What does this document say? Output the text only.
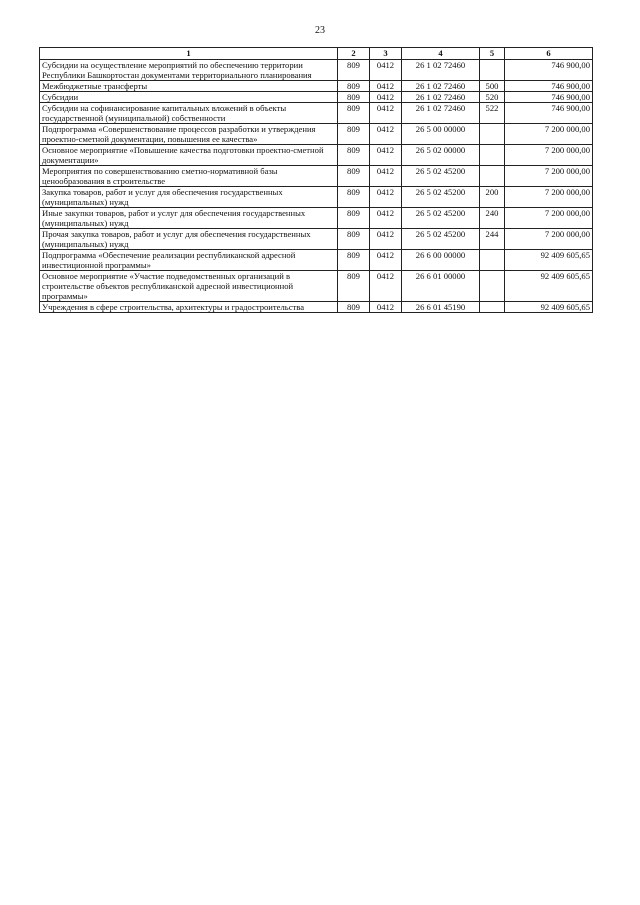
23
1	2	3	4	5	6
Субсидии на осуществление мероприятий по обеспечению территории Республики Башкортостан документами территориального планирования	809	0412	26 1 02 72460		746 900,00
Межбюджетные трансферты	809	0412	26 1 02 72460	500	746 900,00
Субсидии	809	0412	26 1 02 72460	520	746 900,00
Субсидии на софинансирование капитальных вложений в объекты государственной (муниципальной) собственности	809	0412	26 1 02 72460	522	746 900,00
Подпрограмма «Совершенствование процессов разработки и утверждения проектно-сметной документации, повышения ее качества»	809	0412	26 5 00 00000		7 200 000,00
Основное мероприятие «Повышение качества подготовки проектно-сметной документации»	809	0412	26 5 02 00000		7 200 000,00
Мероприятия по совершенствованию сметно-нормативной базы ценообразования в строительстве	809	0412	26 5 02 45200		7 200 000,00
Закупка товаров, работ и услуг для обеспечения государственных (муниципальных) нужд	809	0412	26 5 02 45200	200	7 200 000,00
Иные закупки товаров, работ и услуг для обеспечения государственных (муниципальных) нужд	809	0412	26 5 02 45200	240	7 200 000,00
Прочая закупка товаров, работ и услуг для обеспечения государственных (муниципальных) нужд	809	0412	26 5 02 45200	244	7 200 000,00
Подпрограмма «Обеспечение реализации республиканской адресной инвестиционной программы»	809	0412	26 6 00 00000		92 409 605,65
Основное мероприятие «Участие подведомственных организаций в строительстве объектов республиканской адресной инвестиционной программы»	809	0412	26 6 01 00000		92 409 605,65
Учреждения в сфере строительства, архитектуры и градостроительства	809	0412	26 6 01 45190		92 409 605,65
